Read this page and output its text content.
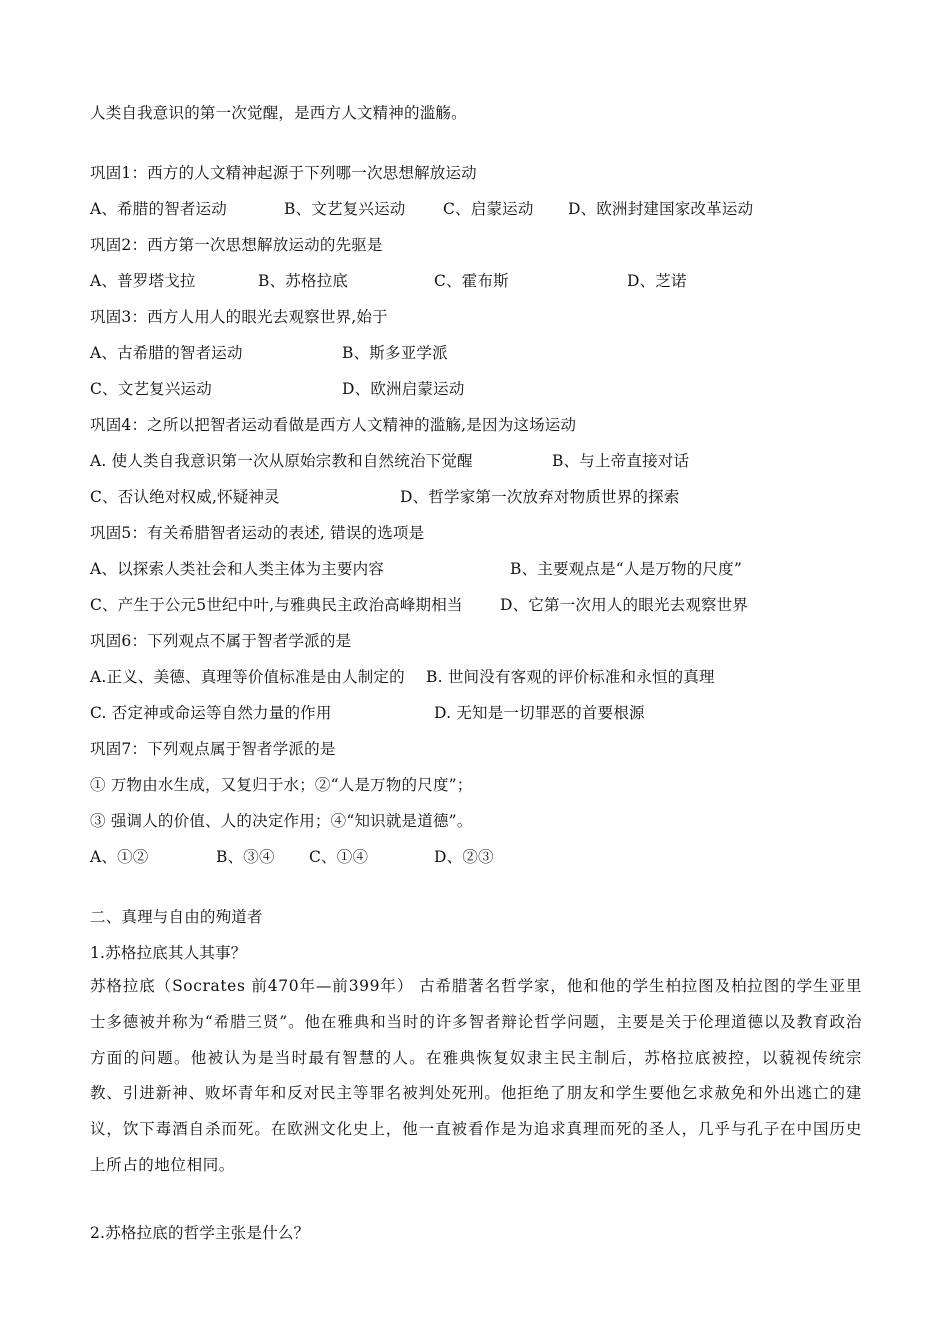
人类自我意识的第一次觉醒，是西方人文精神的滥觞。
巩固1：西方的人文精神起源于下列哪一次思想解放运动
A、希腊的智者运动	B、文艺复兴运动 C、启蒙运动 D、欧洲封建国家改革运动
巩固2：西方第一次思想解放运动的先驱是
A、普罗塔戈拉	B、苏格拉底	C、霍布斯	D、芝诺
巩固3：西方人用人的眼光去观察世界,始于
A、古希腊的智者运动	B、斯多亚学派
C、文艺复兴运动	D、欧洲启蒙运动
巩固4：之所以把智者运动看做是西方人文精神的滥觞,是因为这场运动
A. 使人类自我意识第一次从原始宗教和自然统治下觉醒	B、与上帝直接对话
C、否认绝对权威,怀疑神灵	D、哲学家第一次放弃对物质世界的探索
巩固5：有关希腊智者运动的表述, 错误的选项是
A、以探索人类社会和人类主体为主要内容	B、主要观点是“人是万物的尺度”
C、产生于公元5世纪中叶,与雅典民主政治高峰期相当 D、它第一次用人的眼光去观察世界
巩固6：下列观点不属于智者学派的是
A.正义、美德、真理等价值标准是由人制定的 B. 世间没有客观的评价标准和永恒的真理
C. 否定神或命运等自然力量的作用	D. 无知是一切罪恶的首要根源
巩固7：下列观点属于智者学派的是
① 万物由水生成，又复归于水；②“人是万物的尺度”；
③ 强调人的价值、人的决定作用；④“知识就是道德”。
A、①②	B、③④ C、①④	D、②③
二、真理与自由的殉道者
1.苏格拉底其人其事？
苏格拉底（Socrates 前470年—前399年） 古希腊著名哲学家，他和他的学生柏拉图及柏拉图的学生亚里士多德被并称为“希腊三贤”。他在雅典和当时的许多智者辩论哲学问题，主要是关于伦理道德以及教育政治方面的问题。他被认为是当时最有智慧的人。在雅典恢复奴隶主民主制后，苏格拉底被控，以藐视传统宗教、引进新神、败坏青年和反对民主等罪名被判处死刑。他拒绝了朋友和学生要他乞求赦免和外出逃亡的建议，饮下毒酒自杀而死。在欧洲文化史上，他一直被看作是为追求真理而死的圣人，几乎与孔子在中国历史上所占的地位相同。
2.苏格拉底的哲学主张是什么？
